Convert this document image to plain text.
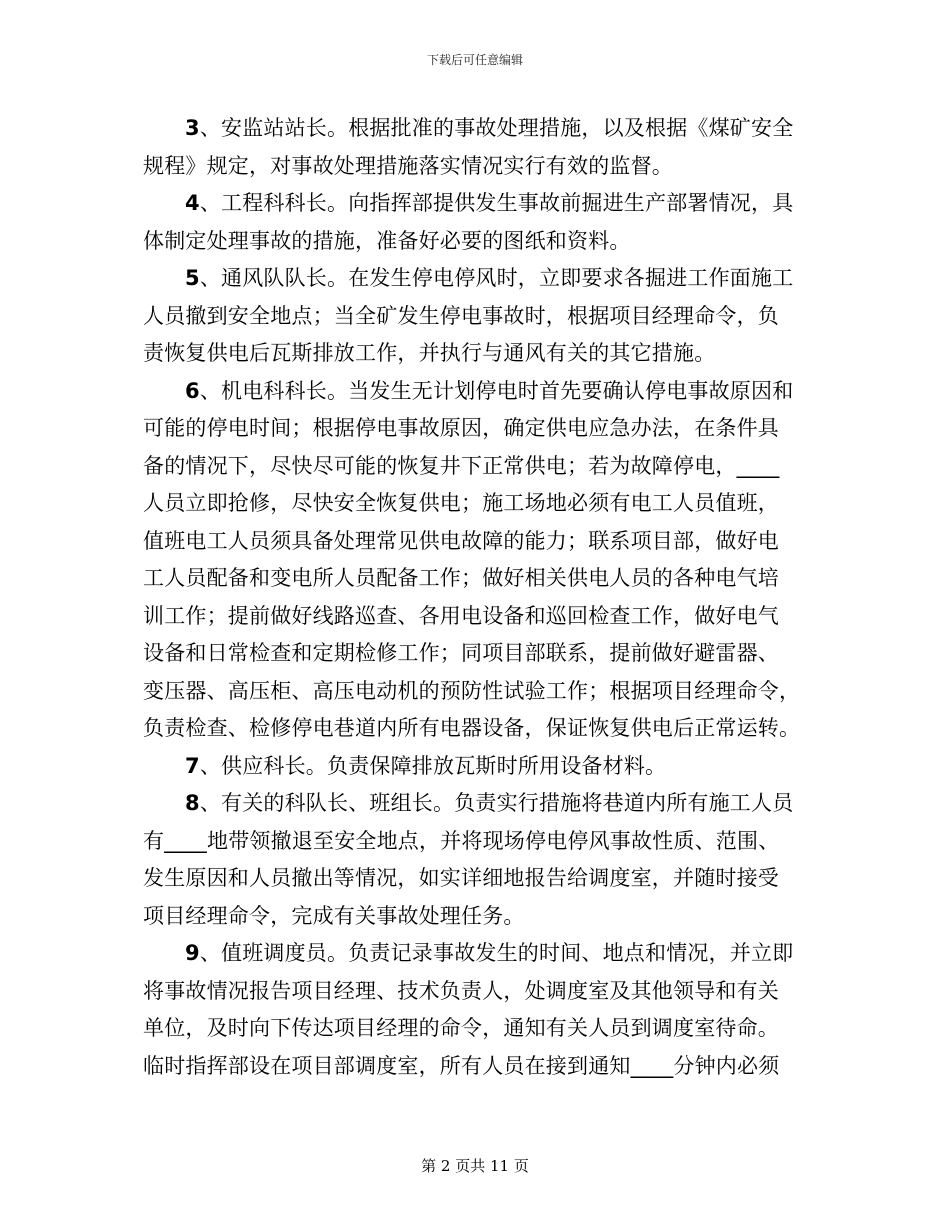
下载后可任意编辑
3、安监站站长。根据批准的事故处理措施，以及根据《煤矿安全
规程》规定，对事故处理措施落实情况实行有效的监督。
4、工程科科长。向指挥部提供发生事故前掘进生产部署情况，具
体制定处理事故的措施，准备好必要的图纸和资料。
5、通风队队长。在发生停电停风时，立即要求各掘进工作面施工
人员撤到安全地点；当全矿发生停电事故时，根据项目经理命令，负
责恢复供电后瓦斯排放工作，并执行与通风有关的其它措施。
6、机电科科长。当发生无计划停电时首先要确认停电事故原因和
可能的停电时间；根据停电事故原因，确定供电应急办法，在条件具
备的情况下，尽快尽可能的恢复井下正常供电；若为故障停电，____
人员立即抢修，尽快安全恢复供电；施工场地必须有电工人员值班，
值班电工人员须具备处理常见供电故障的能力；联系项目部，做好电
工人员配备和变电所人员配备工作；做好相关供电人员的各种电气培
训工作；提前做好线路巡查、各用电设备和巡回检查工作，做好电气
设备和日常检查和定期检修工作；同项目部联系，提前做好避雷器、
变压器、高压柜、高压电动机的预防性试验工作；根据项目经理命令，
负责检查、检修停电巷道内所有电器设备，保证恢复供电后正常运转。
7、供应科长。负责保障排放瓦斯时所用设备材料。
8、有关的科队长、班组长。负责实行措施将巷道内所有施工人员
有____地带领撤退至安全地点，并将现场停电停风事故性质、范围、
发生原因和人员撤出等情况，如实详细地报告给调度室，并随时接受
项目经理命令，完成有关事故处理任务。
9、值班调度员。负责记录事故发生的时间、地点和情况，并立即
将事故情况报告项目经理、技术负责人，处调度室及其他领导和有关
单位，及时向下传达项目经理的命令，通知有关人员到调度室待命。
临时指挥部设在项目部调度室，所有人员在接到通知____分钟内必须
第 2 页共 11 页
